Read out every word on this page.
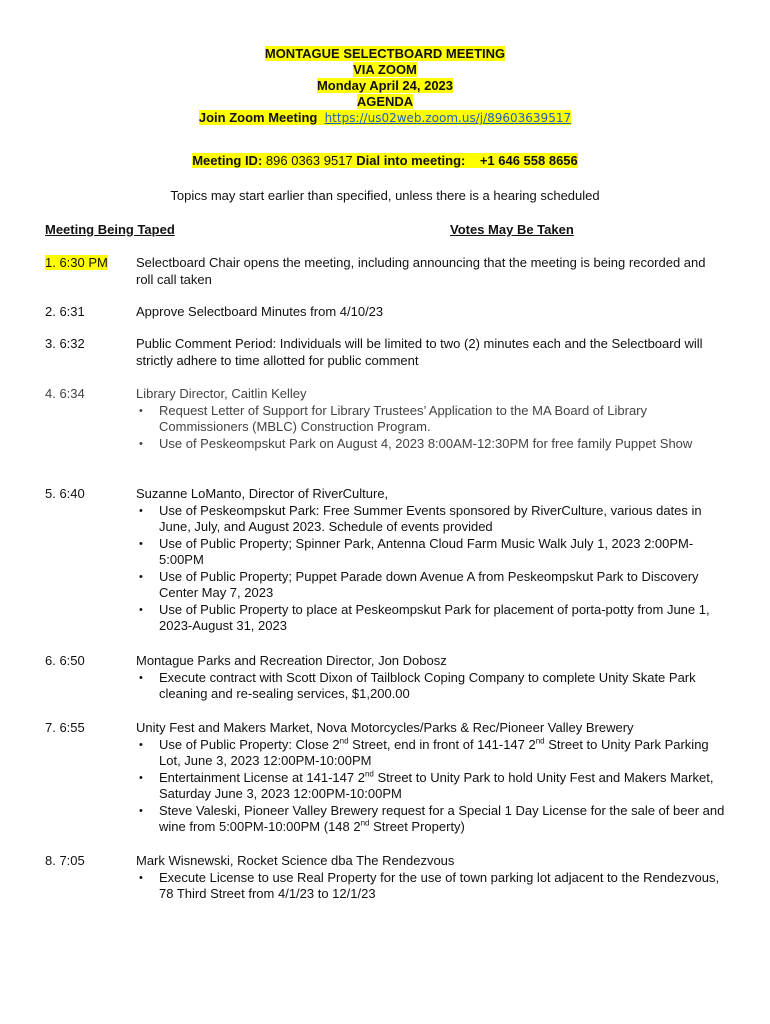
MONTAGUE SELECTBOARD MEETING
VIA ZOOM
Monday April 24, 2023
AGENDA
Join Zoom Meeting https://us02web.zoom.us/j/89603639517
Meeting ID: 896 0363 9517 Dial into meeting: +1 646 558 8656
Topics may start earlier than specified, unless there is a hearing scheduled
Meeting Being Taped	Votes May Be Taken
1. 6:30 PM	Selectboard Chair opens the meeting, including announcing that the meeting is being recorded and roll call taken
2. 6:31	Approve Selectboard Minutes from 4/10/23
3. 6:32	Public Comment Period: Individuals will be limited to two (2) minutes each and the Selectboard will strictly adhere to time allotted for public comment
4. 6:34	Library Director, Caitlin Kelley
• Request Letter of Support for Library Trustees’ Application to the MA Board of Library Commissioners (MBLC) Construction Program.
• Use of Peskeompskut Park on August 4, 2023 8:00AM-12:30PM for free family Puppet Show
5. 6:40	Suzanne LoManto, Director of RiverCulture,
• Use of Peskeompskut Park: Free Summer Events sponsored by RiverCulture, various dates in June, July, and August 2023. Schedule of events provided
• Use of Public Property; Spinner Park, Antenna Cloud Farm Music Walk July 1, 2023 2:00PM-5:00PM
• Use of Public Property; Puppet Parade down Avenue A from Peskeompskut Park to Discovery Center May 7, 2023
• Use of Public Property to place at Peskeompskut Park for placement of porta-potty from June 1, 2023-August 31, 2023
6. 6:50	Montague Parks and Recreation Director, Jon Dobosz
• Execute contract with Scott Dixon of Tailblock Coping Company to complete Unity Skate Park cleaning and re-sealing services, $1,200.00
7. 6:55	Unity Fest and Makers Market, Nova Motorcycles/Parks & Rec/Pioneer Valley Brewery
• Use of Public Property: Close 2nd Street, end in front of 141-147 2nd Street to Unity Park Parking Lot, June 3, 2023 12:00PM-10:00PM
• Entertainment License at 141-147 2nd Street to Unity Park to hold Unity Fest and Makers Market, Saturday June 3, 2023 12:00PM-10:00PM
• Steve Valeski, Pioneer Valley Brewery request for a Special 1 Day License for the sale of beer and wine from 5:00PM-10:00PM (148 2nd Street Property)
8. 7:05	Mark Wisnewski, Rocket Science dba The Rendezvous
• Execute License to use Real Property for the use of town parking lot adjacent to the Rendezvous, 78 Third Street from 4/1/23 to 12/1/23
